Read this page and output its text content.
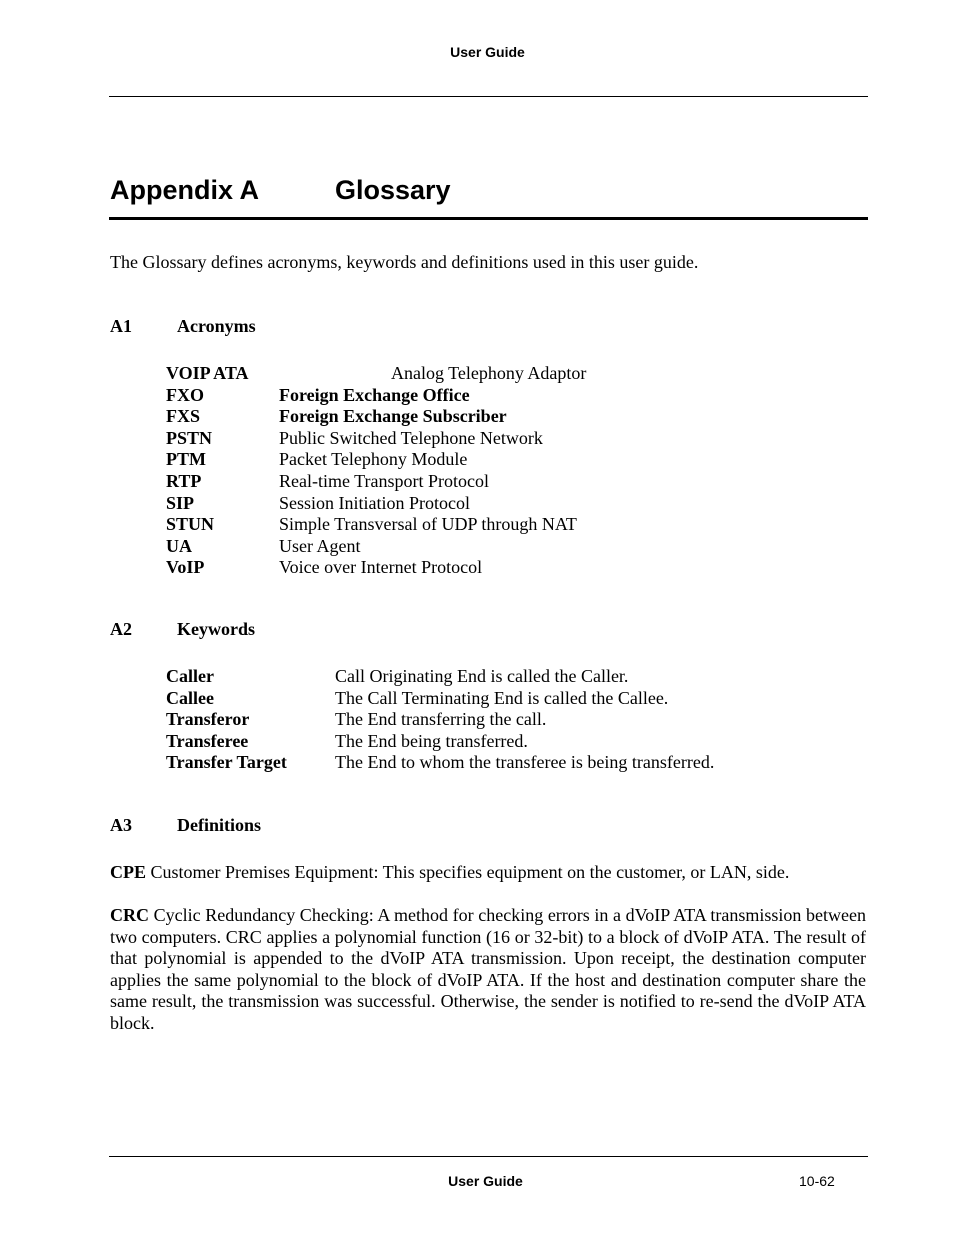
User Guide
Appendix A	Glossary
The Glossary defines acronyms, keywords and definitions used in this user guide.
A1	Acronyms
VOIP ATA	Analog Telephony Adaptor
FXO	Foreign Exchange Office
FXS	Foreign Exchange Subscriber
PSTN	Public Switched Telephone Network
PTM	Packet Telephony Module
RTP	Real-time Transport Protocol
SIP	Session Initiation Protocol
STUN	Simple Transversal of UDP through NAT
UA	User Agent
VoIP	Voice over Internet Protocol
A2	Keywords
Caller	Call Originating End is called the Caller.
Callee	The Call Terminating End is called the Callee.
Transferor	The End transferring the call.
Transferee	The End being transferred.
Transfer Target	The End to whom the transferee is being transferred.
A3	Definitions
CPE Customer Premises Equipment: This specifies equipment on the customer, or LAN, side.
CRC Cyclic Redundancy Checking: A method for checking errors in a dVoIP ATA transmission between two computers. CRC applies a polynomial function (16 or 32-bit) to a block of dVoIP ATA. The result of that polynomial is appended to the dVoIP ATA transmission. Upon receipt, the destination computer applies the same polynomial to the block of dVoIP ATA. If the host and destination computer share the same result, the transmission was successful. Otherwise, the sender is notified to re-send the dVoIP ATA block.
User Guide	10-62
